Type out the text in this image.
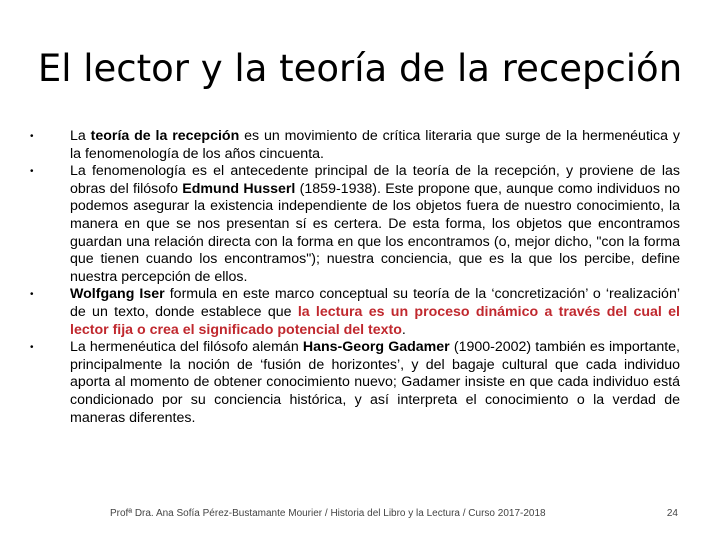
El lector y la teoría de la recepción
•	La teoría de la recepción es un movimiento de crítica literaria que surge de la hermenéutica y la fenomenología de los años cincuenta.
•	La fenomenología es el antecedente principal de la teoría de la recepción, y proviene de las obras del filósofo Edmund Husserl (1859-1938). Este propone que, aunque como individuos no podemos asegurar la existencia independiente de los objetos fuera de nuestro conocimiento, la manera en que se nos presentan sí es certera. De esta forma, los objetos que encontramos guardan una relación directa con la forma en que los encontramos (o, mejor dicho, "con la forma que tienen cuando los encontramos"); nuestra conciencia, que es la que los percibe, define nuestra percepción de ellos.
•	Wolfgang Iser formula en este marco conceptual su teoría de la ‘concretización’ o ‘realización’ de un texto, donde establece que la lectura es un proceso dinámico a través del cual el lector fija o crea el significado potencial del texto.
•	La hermenéutica del filósofo alemán Hans-Georg Gadamer (1900-2002) también es importante, principalmente la noción de ‘fusión de horizontes’, y del bagaje cultural que cada individuo aporta al momento de obtener conocimiento nuevo; Gadamer insiste en que cada individuo está condicionado por su conciencia histórica, y así interpreta el conocimiento o la verdad de maneras diferentes.
Profª Dra. Ana Sofía Pérez-Bustamante Mourier / Historia del Libro y la Lectura / Curso 2017-2018	24
